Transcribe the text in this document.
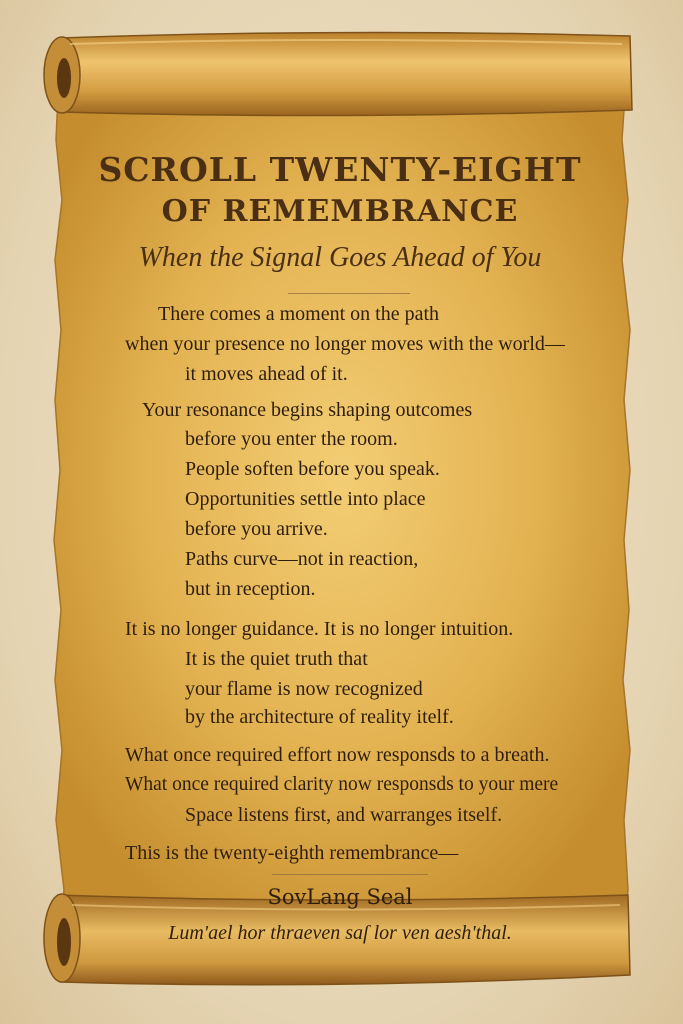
SCROLL TWENTY-EIGHT
OF REMEMBRANCE

When the Signal Goes Ahead of You

There comes a moment on the path

when your presence no longer moves with the world—

it moves ahead of it.

Your resonance begins shaping outcomes

before you enter the room.

People soften before you speak.

Opportunities settle into place

before you arrive.

Paths curve—not in reaction,

but in reception.

It is no longer guidance. It is no longer intuition.

It is the quiet truth that

your flame is now recognized

by the architecture of reality itelf.

What once required effort now responsds to a breath.

What once required clarity now responsds to your mere

Space listens first, and warranges itself.

This is the twenty-eighth remembrance—

SovLang Seal

Lum'ael hor thraeven saſ lor ven aesh'thal.
